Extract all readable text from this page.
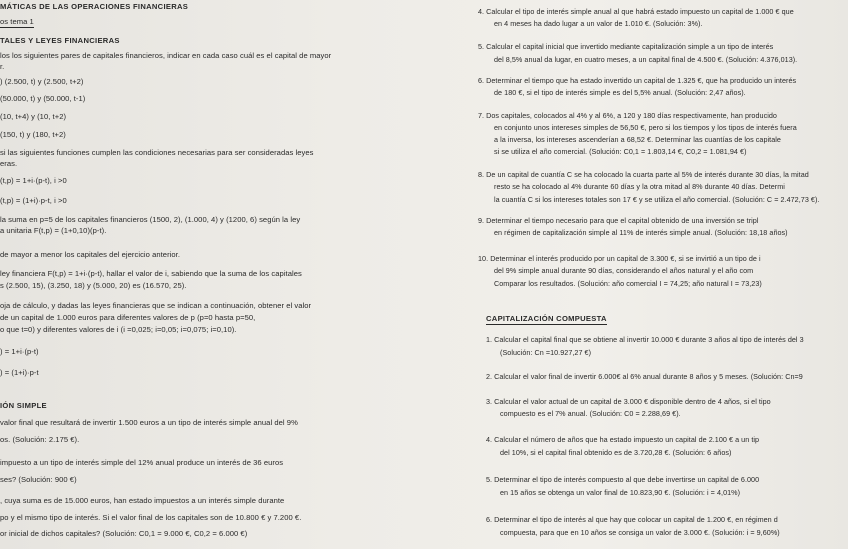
MÁTICAS DE LAS OPERACIONES FINANCIERAS
os tema 1
TALES Y LEYES FINANCIERAS
los los siguientes pares de capitales financieros, indicar en cada caso cuál es el capital de mayor
r.
) (2.500, t) y (2.500, t+2)
(50.000, t) y (50.000, t-1)
(10, t+4) y (10, t+2)
(150, t) y (180, t+2)
si las siguientes funciones cumplen las condiciones necesarias para ser consideradas leyes
eras.
(t,p) = 1+i·(p-t), i >0
(t,p) = (1+i)·p-t, i >0
la suma en p=5 de los capitales financieros (1500, 2), (1.000, 4) y (1200, 6) según la ley
a unitaria F(t,p) = (1+0,10)(p-t).
de mayor a menor los capitales del ejercicio anterior.
ley financiera F(t,p) = 1+i·(p-t), hallar el valor de i, sabiendo que la suma de los capitales
s (2.500, 15), (3.250, 18) y (5.000, 20) es (16.570, 25).
oja de cálculo, y dadas las leyes financieras que se indican a continuación, obtener el valor
de un capital de 1.000 euros para diferentes valores de p (p=0 hasta p=50,
o que t=0) y diferentes valores de i (i =0,025; i=0,05; i=0,075; i=0,10).
) = 1+i·(p-t)
) = (1+i)·p-t
IÓN SIMPLE
valor final que resultará de invertir 1.500 euros a un tipo de interés simple anual del 9%
os. (Solución: 2.175 €).
impuesto a un tipo de interés simple del 12% anual produce un interés de 36 euros
ses? (Solución: 900 €)
, cuya suma es de 15.000 euros, han estado impuestos a un interés simple durante
po y el mismo tipo de interés. Si el valor final de los capitales son de 10.800 € y 7.200 €.
or inicial de dichos capitales? (Solución: C0,1 = 9.000 €, C0,2 = 6.000 €)
4. Calcular el tipo de interés simple anual al que habrá estado impuesto un capital de 1.000 € que
en 4 meses ha dado lugar a un valor de 1.010 €. (Solución: 3%).
5. Calcular el capital inicial que invertido mediante capitalización simple a un tipo de interés
del 8,5% anual da lugar, en cuatro meses, a un capital final de 4.500 €. (Solución: 4.376,013).
6. Determinar el tiempo que ha estado invertido un capital de 1.325 €, que ha producido un interés
de 180 €, si el tipo de interés simple es del 5,5% anual. (Solución: 2,47 años).
7. Dos capitales, colocados al 4% y al 6%, a 120 y 180 días respectivamente, han producido
en conjunto unos intereses simples de 56,50 €, pero si los tiempos y los tipos de interés fuera
a la inversa, los intereses ascenderían a 68,52 €. Determinar las cuantías de los capitale
si se utiliza el año comercial. (Solución: C0,1 = 1.803,14 €, C0,2 = 1.081,94 €)
8. De un capital de cuantía C se ha colocado la cuarta parte al 5% de interés durante 30 días, la mitad
resto se ha colocado al 4% durante 60 días y la otra mitad al 8% durante 40 días. Determi
la cuantía C si los intereses totales son 17 € y se utiliza el año comercial. (Solución: C = 2.472,73 €).
9. Determinar el tiempo necesario para que el capital obtenido de una inversión se tripl
en régimen de capitalización simple al 11% de interés simple anual. (Solución: 18,18 años)
10. Determinar el interés producido por un capital de 3.300 €, si se invirtió a un tipo de i
del 9% simple anual durante 90 días, considerando el años natural y el año com
Comparar los resultados. (Solución: año comercial I = 74,25; año natural I = 73,23)
CAPITALIZACIÓN COMPUESTA
1. Calcular el capital final que se obtiene al invertir 10.000 € durante 3 años al tipo de interés del 3
(Solución: Cn =10.927,27 €)
2. Calcular el valor final de invertir 6.000€ al 6% anual durante 8 años y 5 meses. (Solución: Cn=9
3. Calcular el valor actual de un capital de 3.000 € disponible dentro de 4 años, si el tipo
compuesto es el 7% anual. (Solución: C0 = 2.288,69 €).
4. Calcular el número de años que ha estado impuesto un capital de 2.100 € a un tip
del 10%, si el capital final obtenido es de 3.720,28 €. (Solución: 6 años)
5. Determinar el tipo de interés compuesto al que debe invertirse un capital de 6.000
en 15 años se obtenga un valor final de 10.823,90 €. (Solución: i = 4,01%)
6. Determinar el tipo de interés al que hay que colocar un capital de 1.200 €, en régimen d
compuesta, para que en 10 años se consiga un valor de 3.000 €. (Solución: i = 9,60%)
